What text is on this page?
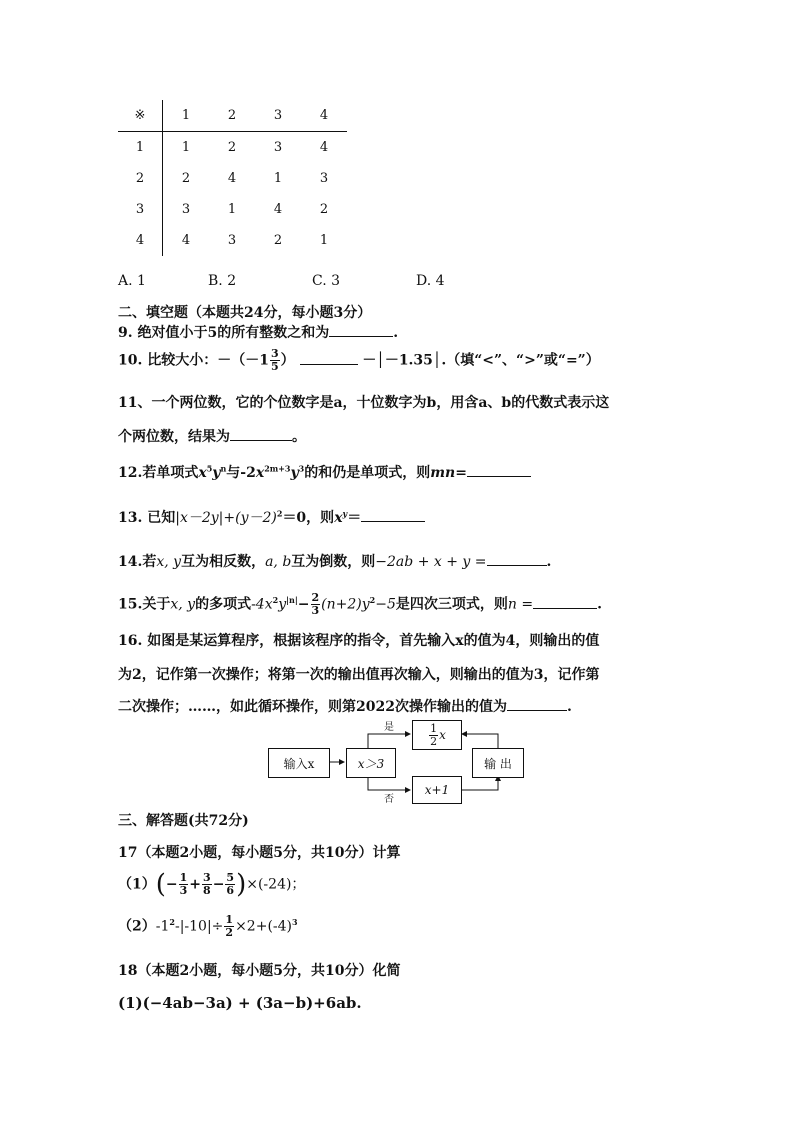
※	1	2	3	4
1	1	2	3	4
2	2	4	1	3
3	3	1	4	2
4	4	3	2	1
A. 1	B. 2	C. 3	D. 4
二、填空题（本题共24分，每小题3分）
9. 绝对值小于5的所有整数之和为	.
10. 比较大小：$-(-1 \frac{3}{5}$ ）	－│－1.35│.（填“<”、“>”或“=”）
11、一个两位数，它的个位数字是a，十位数字为b，用含a、b的代数式表示这
个两位数，结果为	。
12.若单项式$x^5y^n$与$-2x^{2m+3}y^3$的和仍是单项式，则mn=
13. 已知$|x-2y|+(y-2)^2=0$，则$x^y=$
14.若x, y互为相反数，a, b互为倒数，则−2ab + x + y =	.
15.关于x, y的多项式$-4x^2y^{|n|}- \frac{2}{3} (n+2)y^2-5$是四次三项式，则n =	.
16. 如图是某运算程序，根据该程序的指令，首先输入x的值为4，则输出的值
为2，记作第一次操作；将第一次的输出值再次输入，则输出的值为3，记作第
二次操作；……，如此循环操作，则第2022次操作输出的值为	.
输入x	x＞3
$\frac{1}{2}$ x
x+1
输 出
是
否
三、解答题(共72分)
17（本题2小题，每小题5分，共10分）计算
$(1)(- \frac{1}{3} + \frac{3}{8} - \frac{5}{6} )\times(-24)$；
$(2)-1^2-|-10|\div \frac{1}{2} \times 2+(-4)^3$
18（本题2小题，每小题5分，共10分）化简
(1)(−4ab−3a) + (3a−b)+6ab.
